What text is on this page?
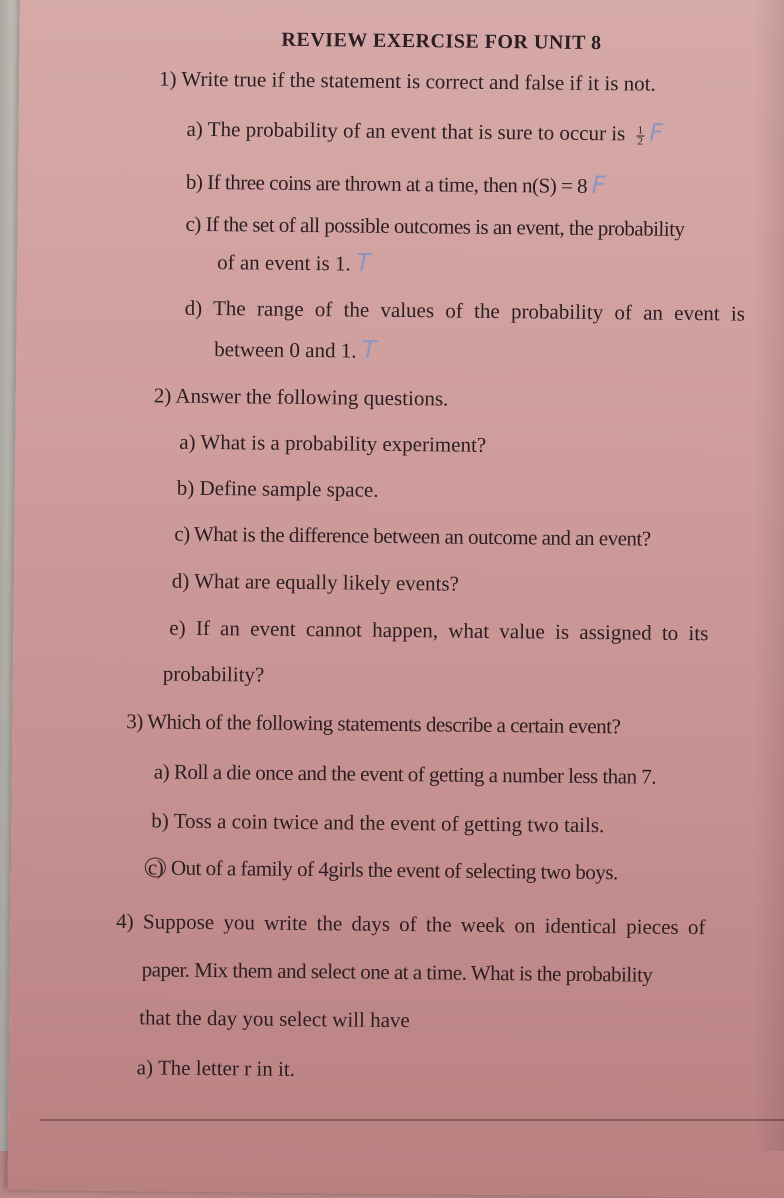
REVIEW EXERCISE FOR UNIT 8
1) Write true if the statement is correct and false if it is not.
a) The probability of an event that is sure to occur is $\frac{1}{2}$ F
b) If three coins are thrown at a time, then n(S) = 8 F
c) If the set of all possible outcomes is an event, the probability
of an event is 1. T
d) The range of the values of the probability of an event is
between 0 and 1. T
2) Answer the following questions.
a) What is a probability experiment?
b) Define sample space.
c) What is the difference between an outcome and an event?
d) What are equally likely events?
e) If an event cannot happen, what value is assigned to its
probability?
3) Which of the following statements describe a certain event?
a) Roll a die once and the event of getting a number less than 7.
b) Toss a coin twice and the event of getting two tails.
c) Out of a family of 4girls the event of selecting two boys.
4) Suppose you write the days of the week on identical pieces of
paper. Mix them and select one at a time. What is the probability
that the day you select will have
a) The letter r in it.
